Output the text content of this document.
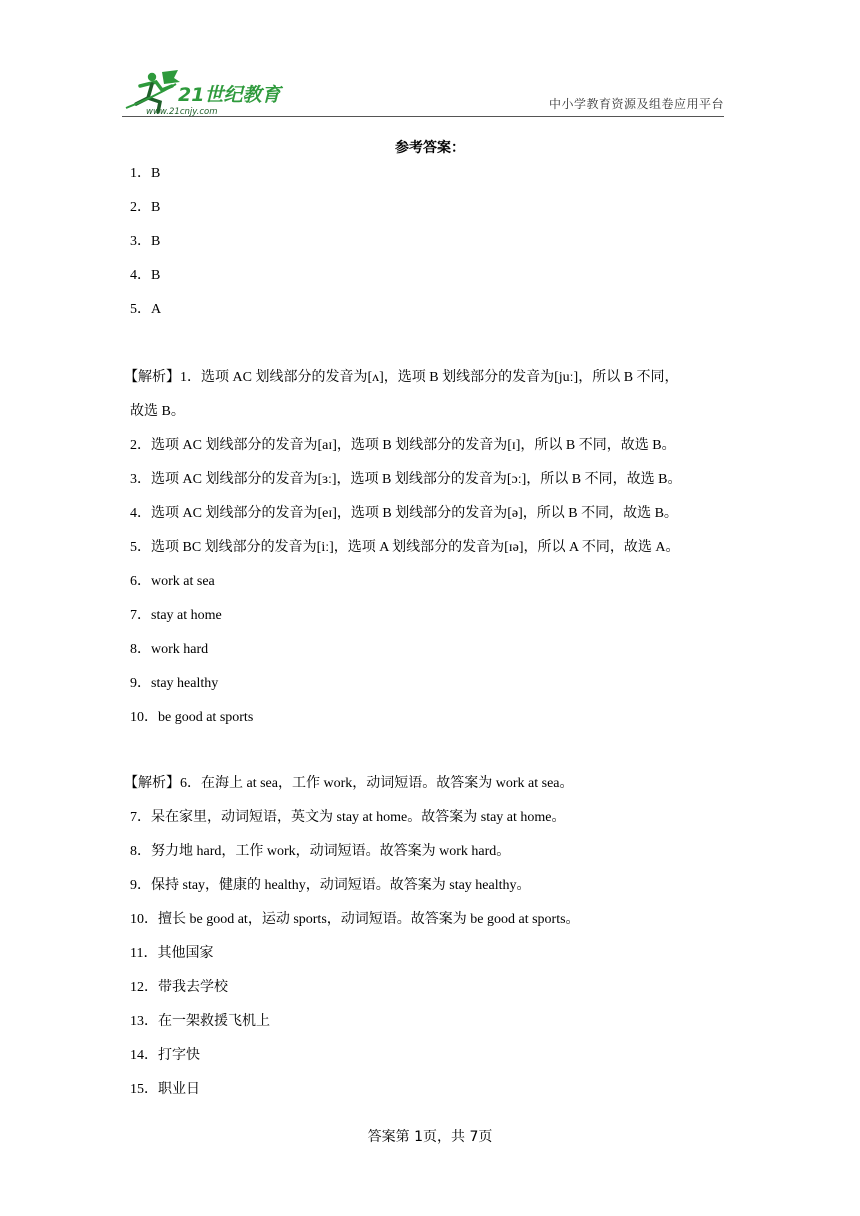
21世纪教育
www.21cnjy.com
中小学教育资源及组卷应用平台
参考答案：
1．B
2．B
3．B
4．B
5．A
【解析】1．选项 AC 划线部分的发音为[ʌ]，选项 B 划线部分的发音为[juː]，所以 B 不同，
故选 B。
2．选项 AC 划线部分的发音为[aɪ]，选项 B 划线部分的发音为[ɪ]，所以 B 不同，故选 B。
3．选项 AC 划线部分的发音为[ɜː]，选项 B 划线部分的发音为[ɔː]，所以 B 不同，故选 B。
4．选项 AC 划线部分的发音为[eɪ]，选项 B 划线部分的发音为[ə]，所以 B 不同，故选 B。
5．选项 BC 划线部分的发音为[iː]，选项 A 划线部分的发音为[ɪə]，所以 A 不同，故选 A。
6．work at sea
7．stay at home
8．work hard
9．stay healthy
10．be good at sports
【解析】6．在海上 at sea，工作 work，动词短语。故答案为 work at sea。
7．呆在家里，动词短语，英文为 stay at home。故答案为 stay at home。
8．努力地 hard，工作 work，动词短语。故答案为 work hard。
9．保持 stay，健康的 healthy，动词短语。故答案为 stay healthy。
10．擅长 be good at，运动 sports，动词短语。故答案为 be good at sports。
11．其他国家
12．带我去学校
13．在一架救援飞机上
14．打字快
15．职业日
答案第 1页，共 7页
